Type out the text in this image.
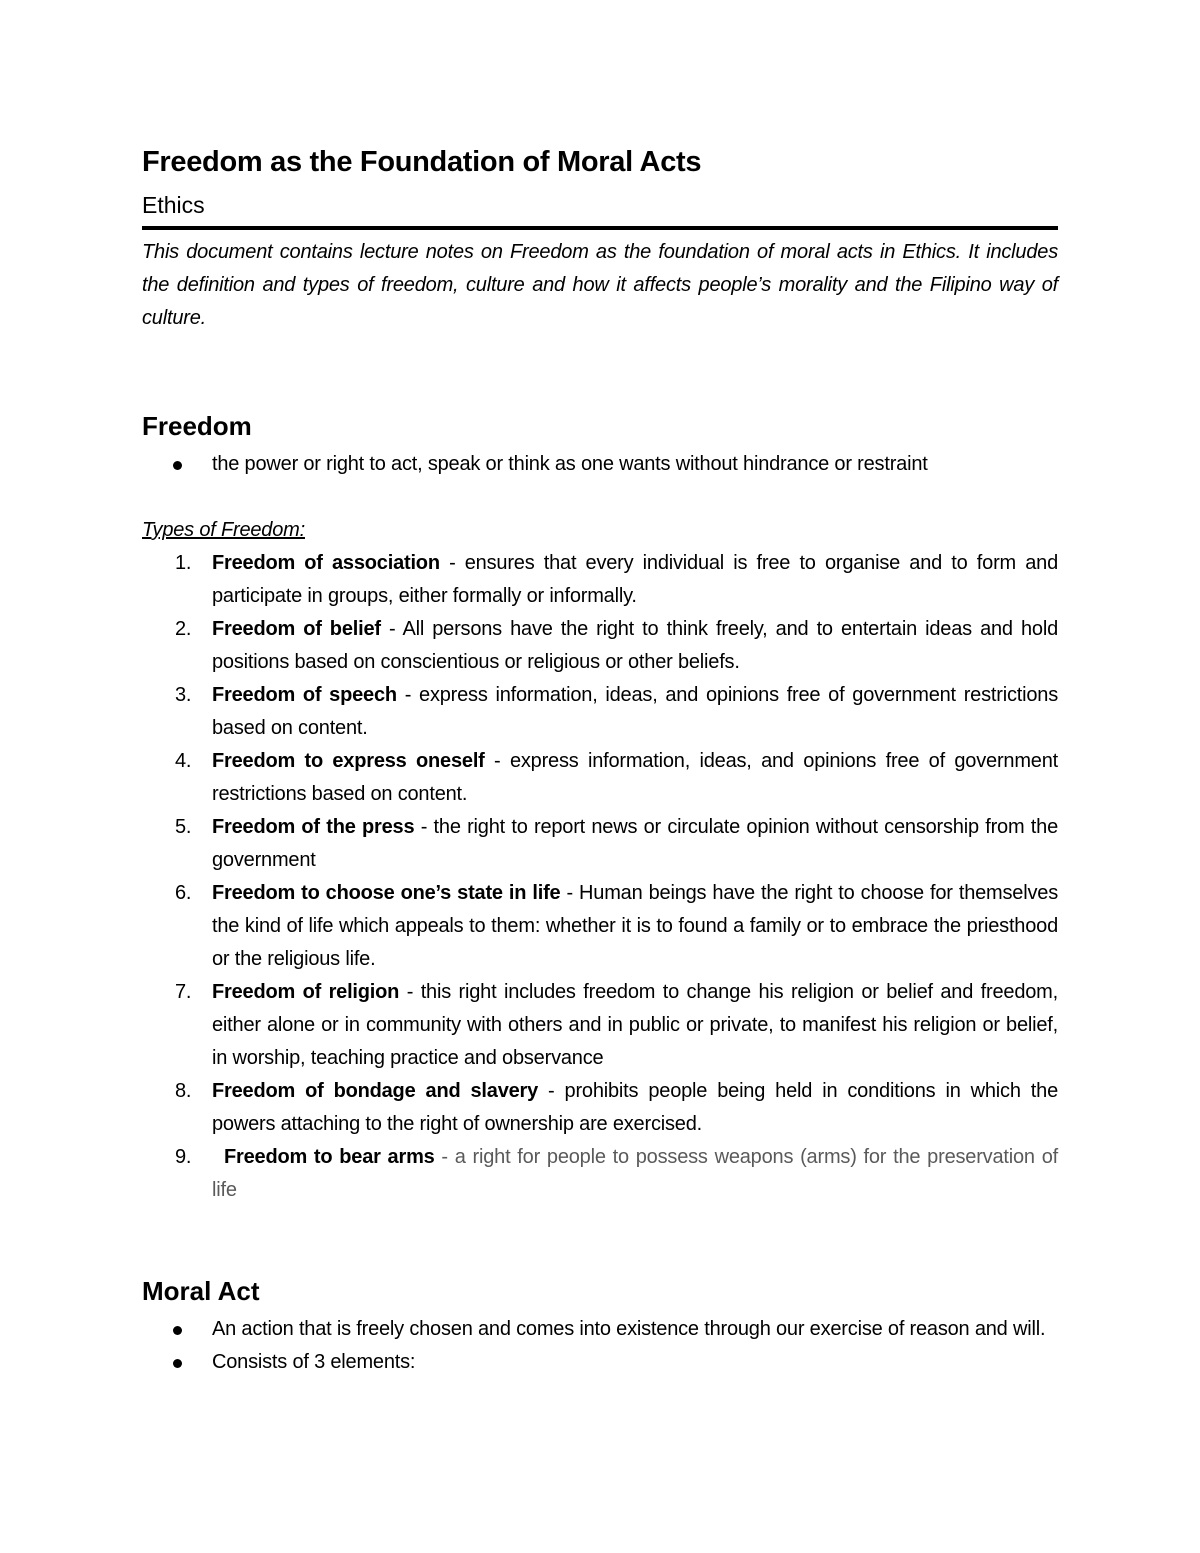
Freedom as the Foundation of Moral Acts
Ethics

This document contains lecture notes on Freedom as the foundation of moral acts in Ethics. It includes the definition and types of freedom, culture and how it affects people’s morality and the Filipino way of culture.

Freedom
the power or right to act, speak or think as one wants without hindrance or restraint
Types of Freedom:
1. Freedom of association - ensures that every individual is free to organise and to form and participate in groups, either formally or informally.
2. Freedom of belief - All persons have the right to think freely, and to entertain ideas and hold positions based on conscientious or religious or other beliefs.
3. Freedom of speech - express information, ideas, and opinions free of government restrictions based on content.
4. Freedom to express oneself - express information, ideas, and opinions free of government restrictions based on content.
5. Freedom of the press - the right to report news or circulate opinion without censorship from the government
6. Freedom to choose one’s state in life - Human beings have the right to choose for themselves the kind of life which appeals to them: whether it is to found a family or to embrace the priesthood or the religious life.
7. Freedom of religion - this right includes freedom to change his religion or belief and freedom, either alone or in community with others and in public or private, to manifest his religion or belief, in worship, teaching practice and observance
8. Freedom of bondage and slavery - prohibits people being held in conditions in which the powers attaching to the right of ownership are exercised.
9. Freedom to bear arms - a right for people to possess weapons (arms) for the preservation of life
Moral Act
An action that is freely chosen and comes into existence through our exercise of reason and will.
Consists of 3 elements:
